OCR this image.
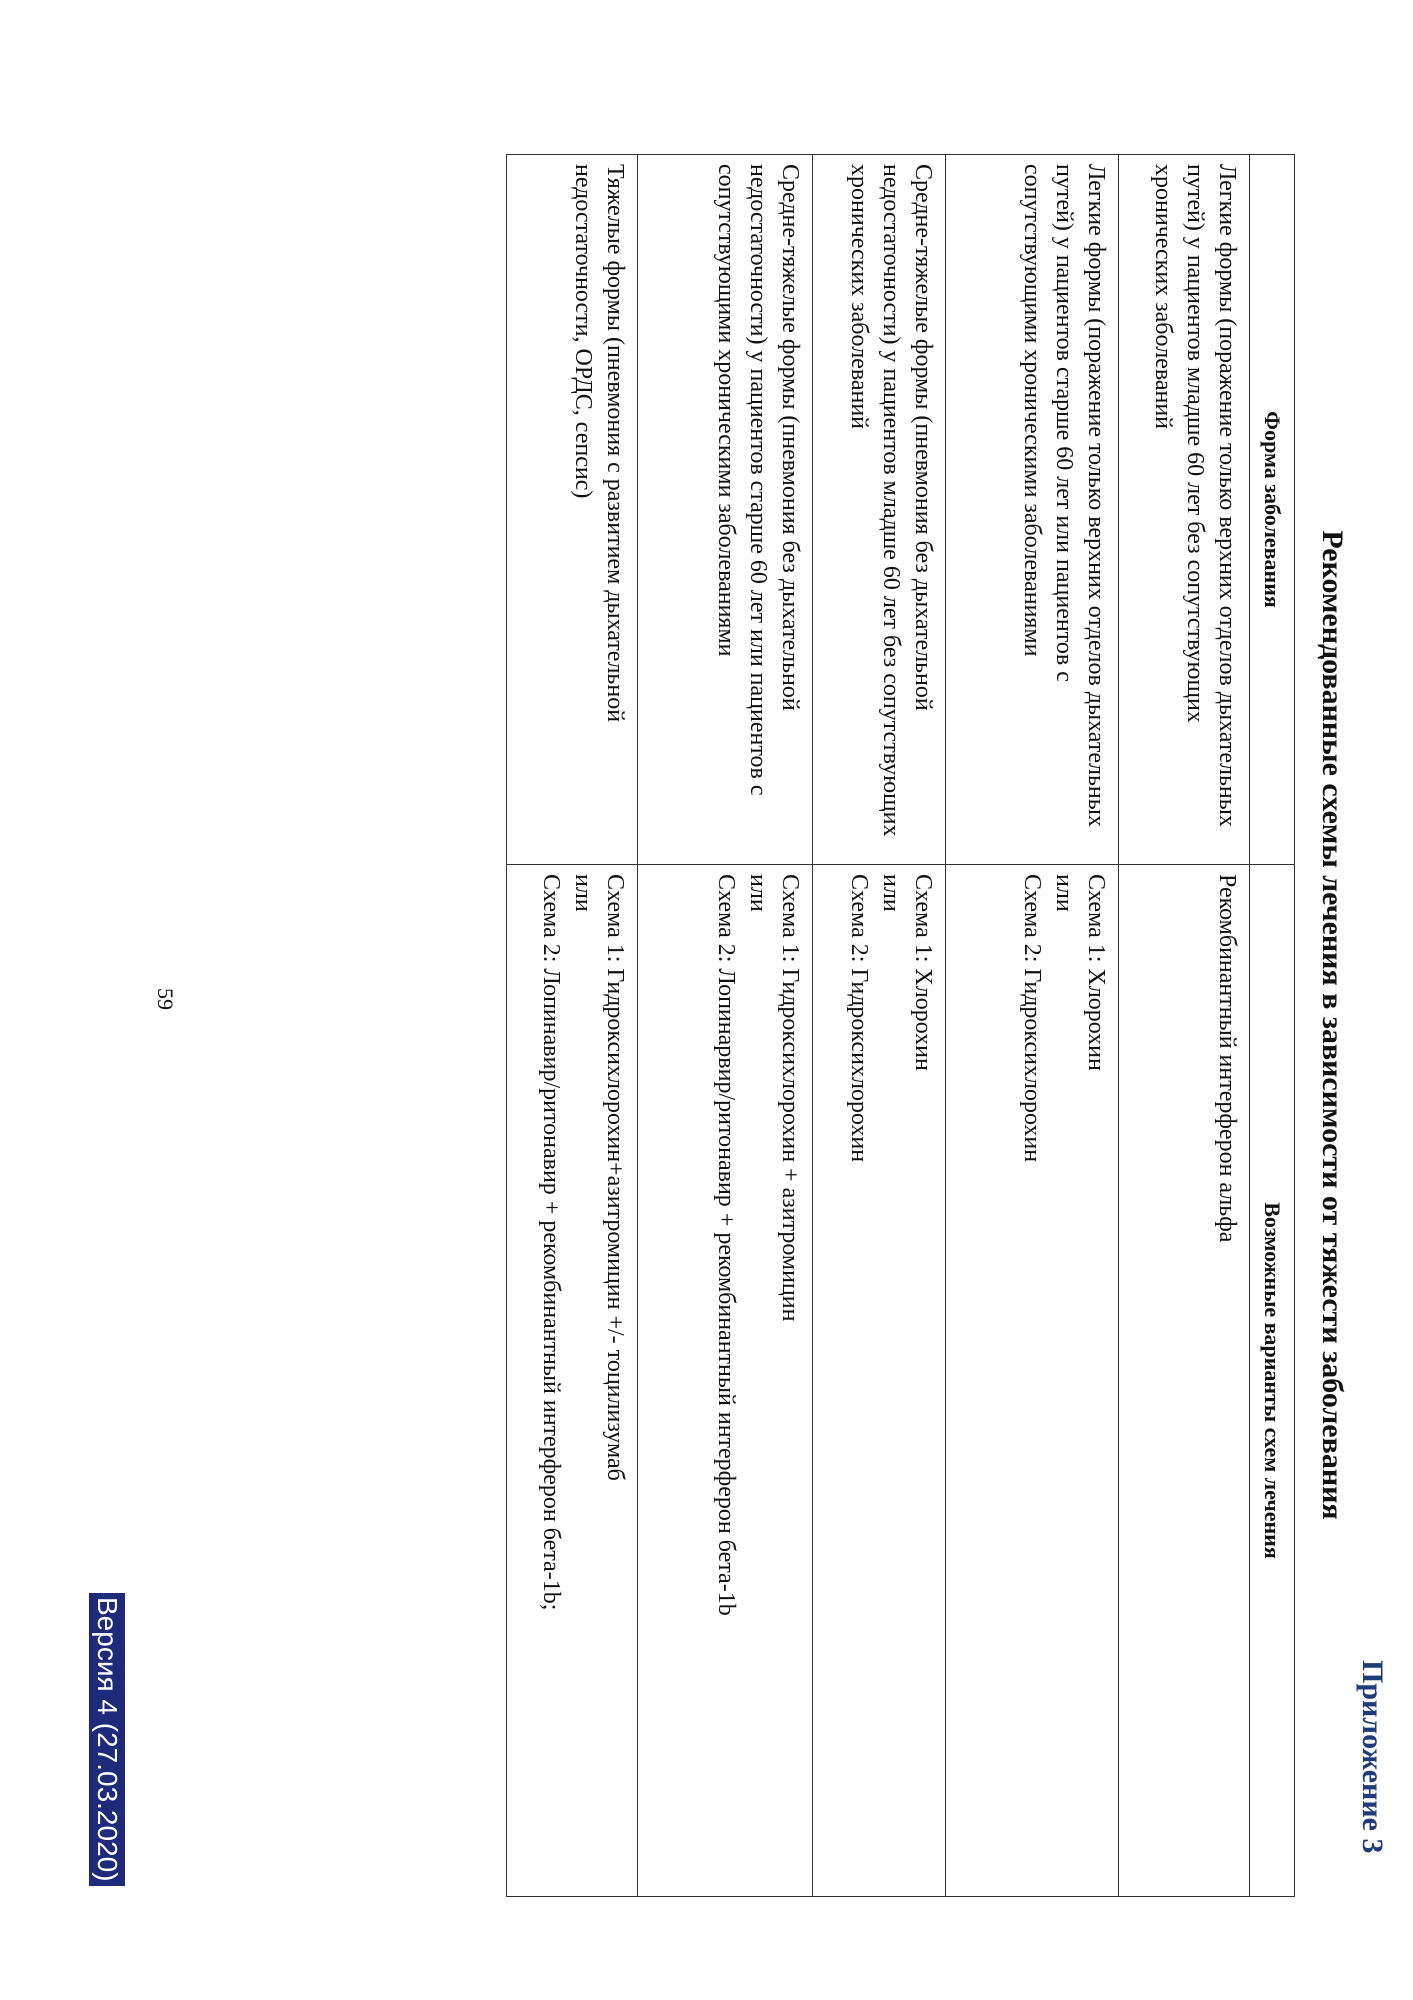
Приложение 3
Рекомендованные схемы лечения в зависимости от тяжести заболевания
Форма заболевания	Возможные варианты схем лечения
Легкие формы (поражение только верхних отделов дыхательных путей) у пациентов младше 60 лет без сопутствующих хронических заболеваний	Рекомбинантный интерферон альфа

Легкие формы (поражение только верхних отделов дыхательных путей) у пациентов старше 60 лет или пациентов с сопутствующими хроническими заболеваниями	Схема 1: Хлорохин
или
Схема 2: Гидроксихлорохин

Средне-тяжелые формы (пневмония без дыхательной недостаточности) у пациентов младше 60 лет без сопутствующих хронических заболеваний	Схема 1: Хлорохин
или
Схема 2: Гидроксихлорохин

Средне-тяжелые формы (пневмония без дыхательной недостаточности) у пациентов старше 60 лет или пациентов с сопутствующими хроническими заболеваниями	Схема 1: Гидроксихлорохин + азитромицин
или
Схема 2: Лопинарвир/ритонавир + рекомбинантный интерферон бета-1b

Тяжелые формы (пневмония с развитием дыхательной недостаточности, ОРДС, сепсис)	Схема 1: Гидроксихлорохин+азитромицин +/- тоцилизумаб
или
Схема 2: Лопинавир/ритонавир + рекомбинантный интерферон бета-1b;
59
Версия 4 (27.03.2020)
